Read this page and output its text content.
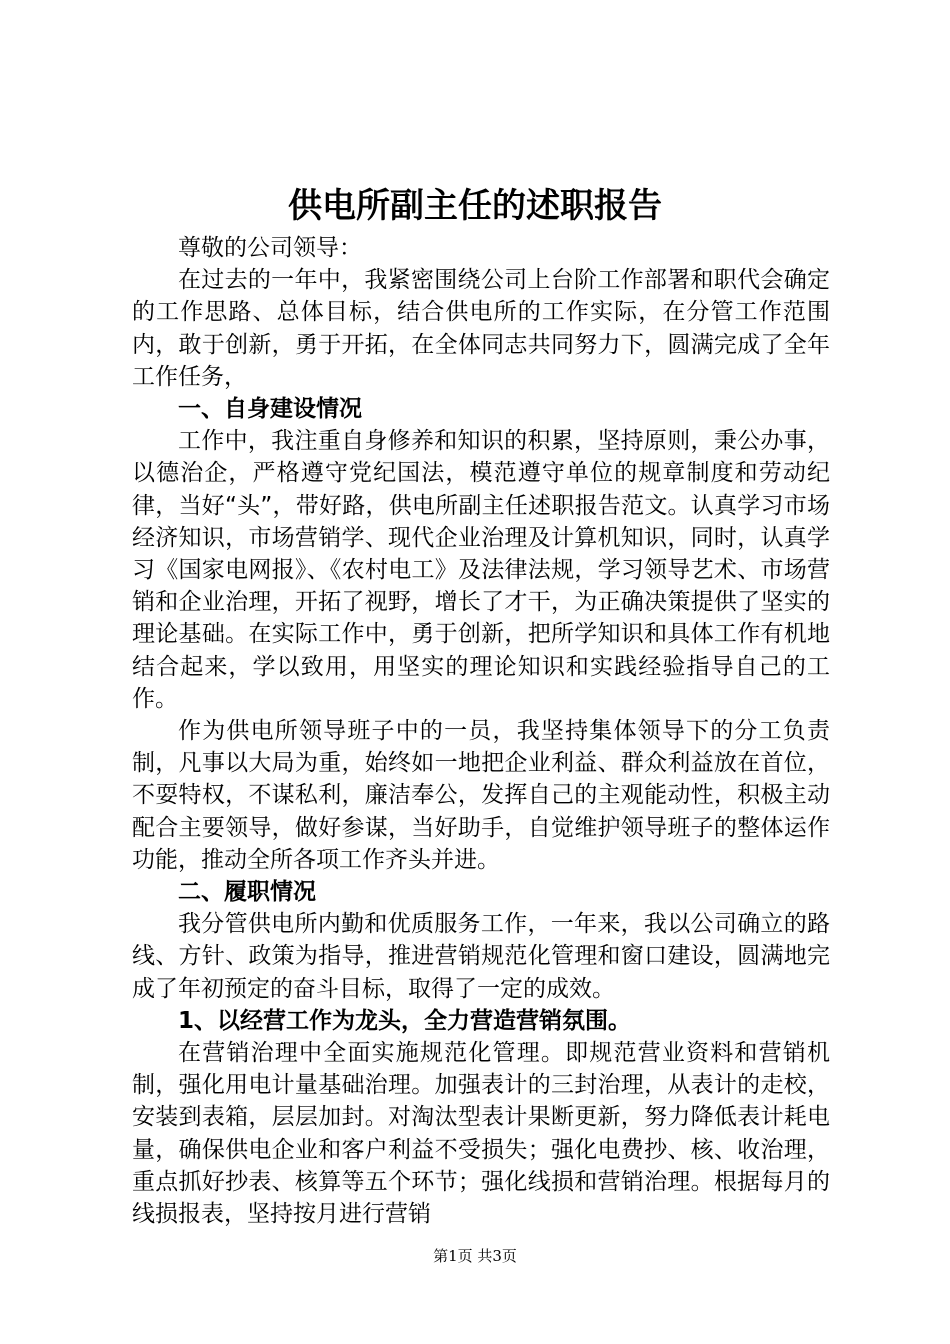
供电所副主任的述职报告

尊敬的公司领导：

在过去的一年中，我紧密围绕公司上台阶工作部署和职代会确定的工作思路、总体目标，结合供电所的工作实际，在分管工作范围内，敢于创新，勇于开拓，在全体同志共同努力下，圆满完成了全年工作任务，

一、自身建设情况

工作中，我注重自身修养和知识的积累，坚持原则，秉公办事，以德治企，严格遵守党纪国法，模范遵守单位的规章制度和劳动纪律，当好“头”，带好路，供电所副主任述职报告范文。认真学习市场经济知识，市场营销学、现代企业治理及计算机知识，同时，认真学习《国家电网报》、《农村电工》及法律法规，学习领导艺术、市场营销和企业治理，开拓了视野，增长了才干，为正确决策提供了坚实的理论基础。在实际工作中，勇于创新，把所学知识和具体工作有机地结合起来，学以致用，用坚实的理论知识和实践经验指导自己的工作。

作为供电所领导班子中的一员，我坚持集体领导下的分工负责制，凡事以大局为重，始终如一地把企业利益、群众利益放在首位，不耍特权，不谋私利，廉洁奉公，发挥自己的主观能动性，积极主动配合主要领导，做好参谋，当好助手，自觉维护领导班子的整体运作功能，推动全所各项工作齐头并进。

二、履职情况

我分管供电所内勤和优质服务工作，一年来，我以公司确立的路线、方针、政策为指导，推进营销规范化管理和窗口建设，圆满地完成了年初预定的奋斗目标，取得了一定的成效。

1、以经营工作为龙头，全力营造营销氛围。

在营销治理中全面实施规范化管理。即规范营业资料和营销机制，强化用电计量基础治理。加强表计的三封治理，从表计的走校，安装到表箱，层层加封。对淘汰型表计果断更新，努力降低表计耗电量，确保供电企业和客户利益不受损失；强化电费抄、核、收治理，重点抓好抄表、核算等五个环节；强化线损和营销治理。根据每月的线损报表，坚持按月进行营销

第1页 共3页
